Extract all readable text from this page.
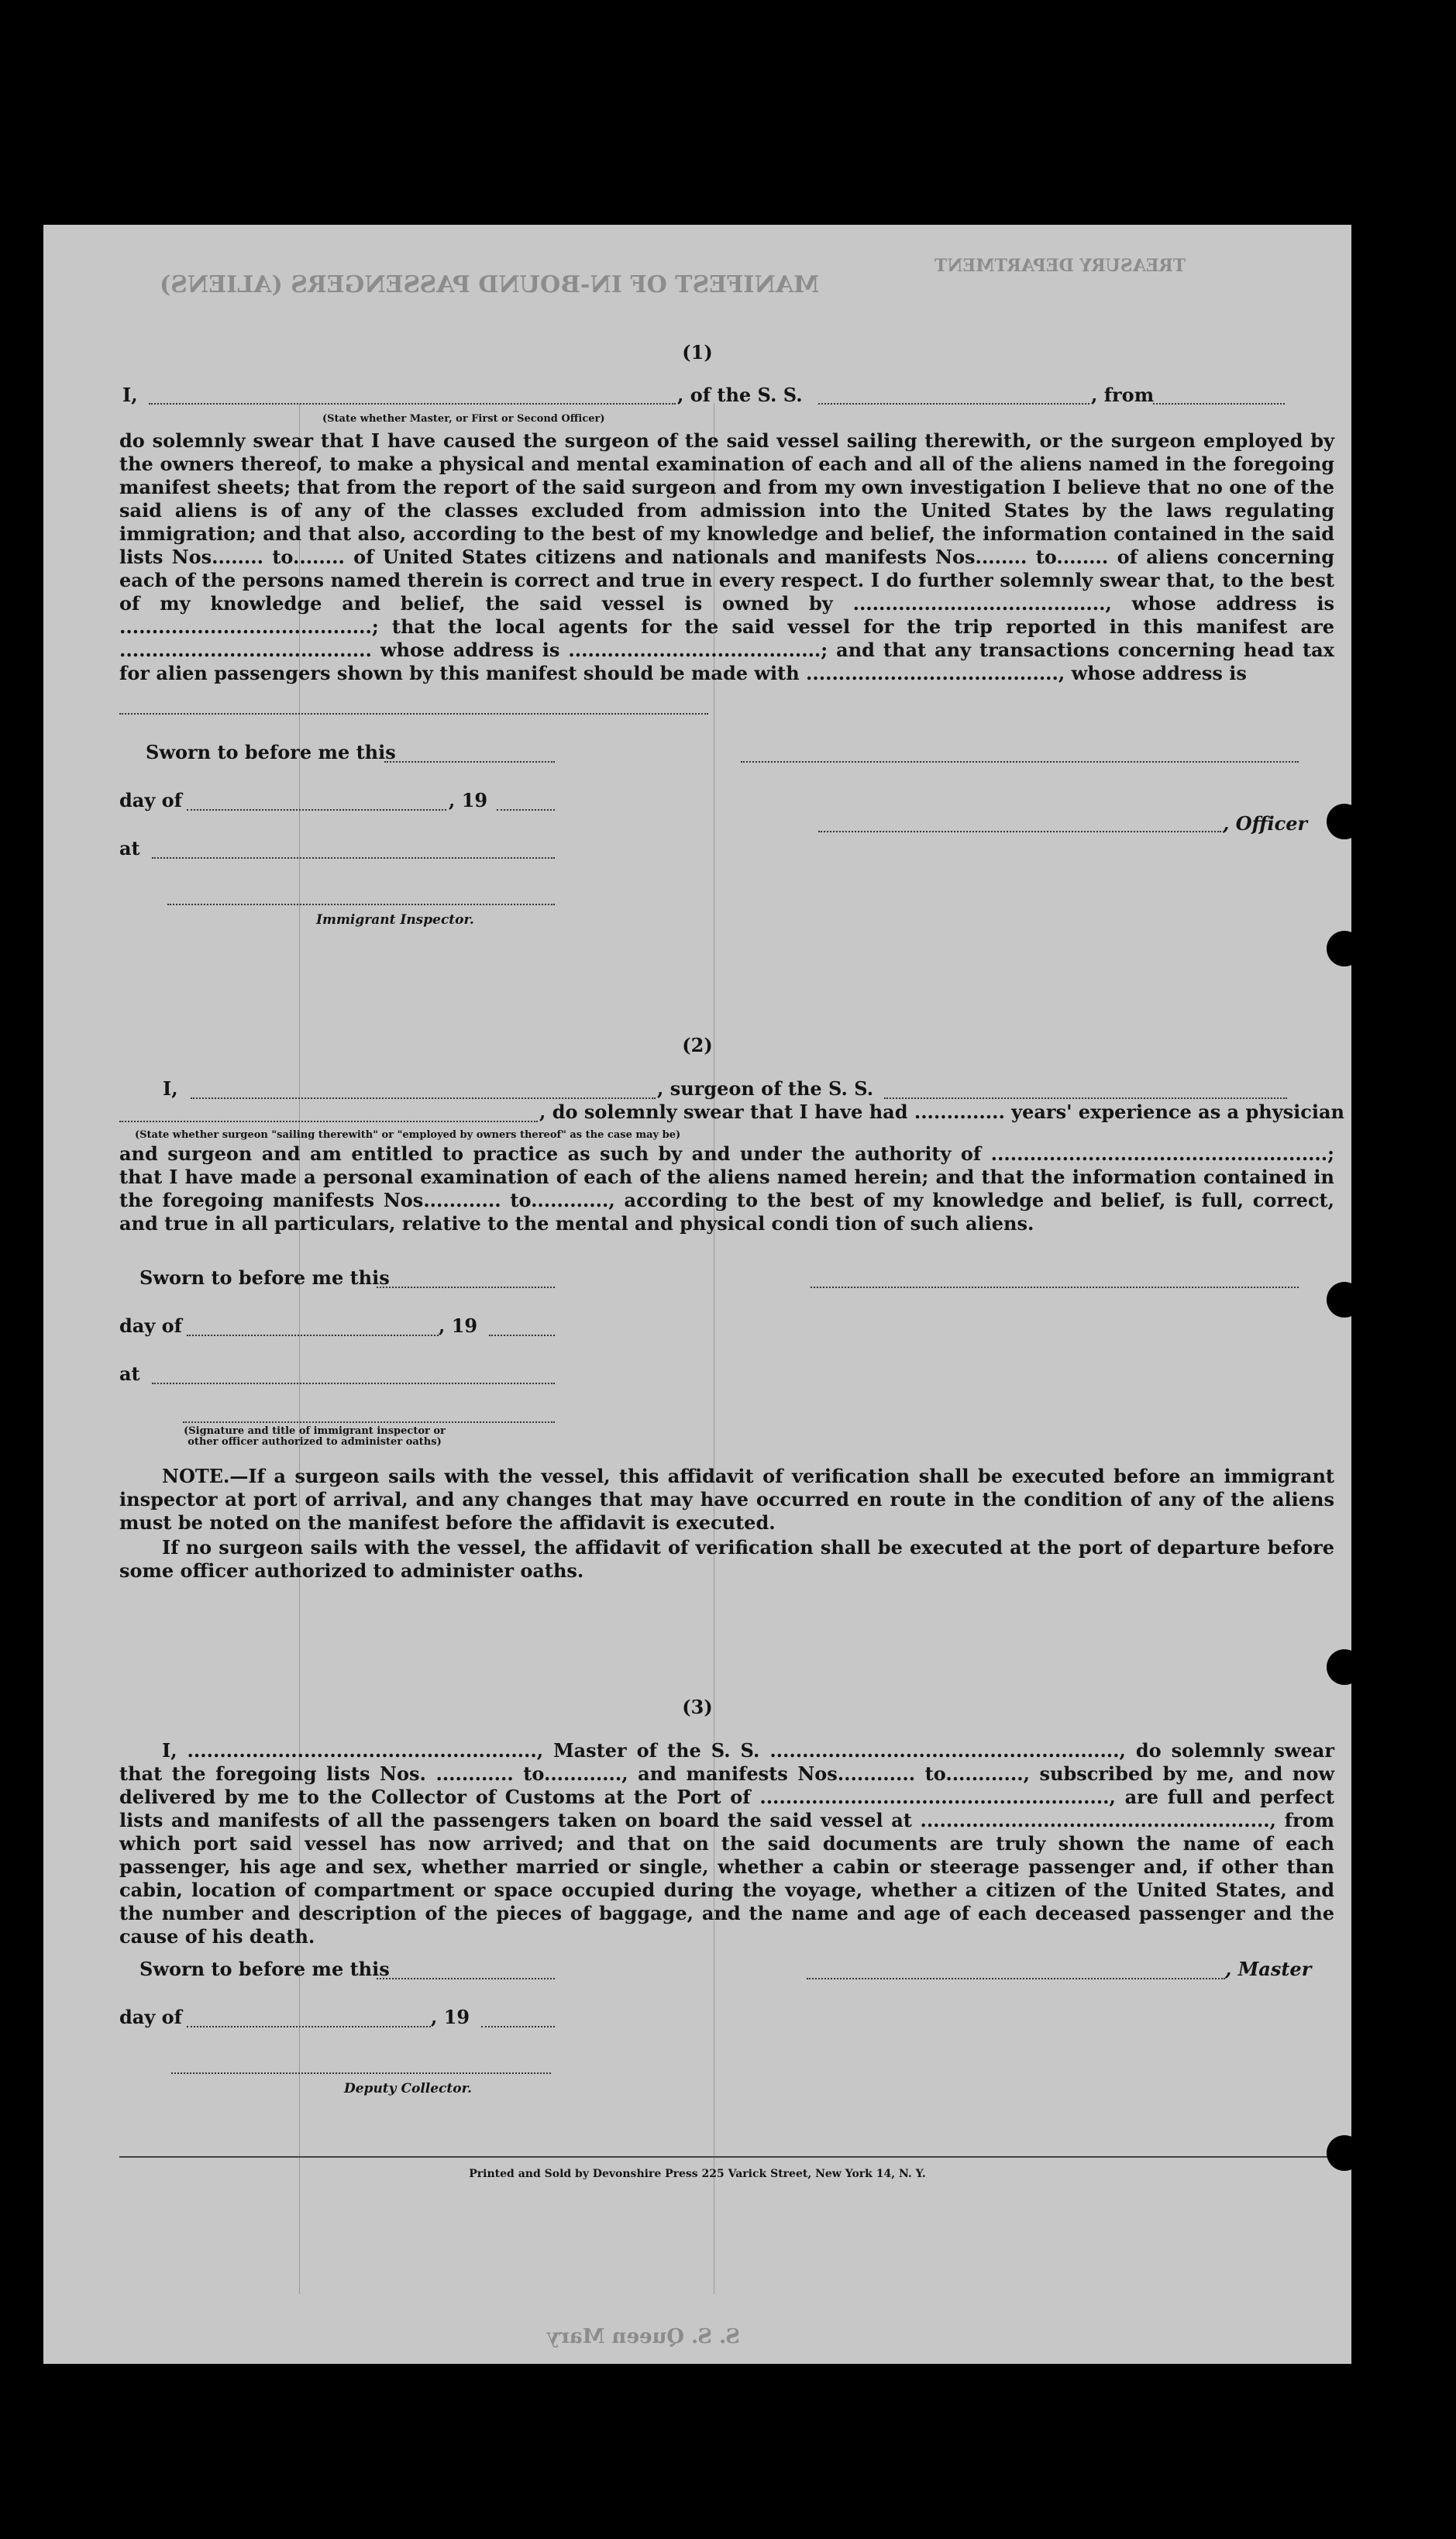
MANIFEST OF IN-BOUND PASSENGERS (ALIENS)
TREASURY DEPARTMENT
S. S. Queen Mary
(1)
I,	, of the S. S.	, from
(State whether Master, or First or Second Officer)
do solemnly swear that I have caused the surgeon of the said vessel sailing therewith, or the surgeon employed by the owners thereof, to make a physical and mental examination of each and all of the aliens named in the foregoing manifest sheets; that from the report of the said surgeon and from my own investigation I believe that no one of the said aliens is of any of the classes excluded from admission into the United States by the laws regulating immigration; and that also, according to the best of my knowledge and belief, the information contained in the said lists Nos........ to........ of United States citizens and nationals and manifests Nos........ to........ of aliens concerning each of the persons named therein is correct and true in every respect. I do further solemnly swear that, to the best of my knowledge and belief, the said vessel is owned by ......................................., whose address is .......................................; that the local agents for the said vessel for the trip reported in this manifest are ....................................... whose address is .......................................; and that any transactions concerning head tax for alien passengers shown by this manifest should be made with ......................................., whose address is
Sworn to before me this
day of	, 19
, Officer
at
Immigrant Inspector.
(2)
I,	, surgeon of the S. S.
, do solemnly swear that I have had .............. years' experience as a physician
(State whether surgeon "sailing therewith" or "employed by owners thereof" as the case may be)
and surgeon and am entitled to practice as such by and under the authority of ....................................................; that I have made a personal examination of each of the aliens named herein; and that the information contained in the foregoing manifests Nos............ to............, according to the best of my knowledge and belief, is full, correct, and true in all particulars, relative to the mental and physical condi tion of such aliens.
Sworn to before me this
day of	, 19
at
(Signature and title of immigrant inspector or other officer authorized to administer oaths)
NOTE.—If a surgeon sails with the vessel, this affidavit of verification shall be executed before an immigrant inspector at port of arrival, and any changes that may have occurred en route in the condition of any of the aliens must be noted on the manifest before the affidavit is executed.
If no surgeon sails with the vessel, the affidavit of verification shall be executed at the port of departure before some officer authorized to administer oaths.
(3)
I, ......................................................, Master of the S. S. ......................................................, do solemnly swear that the foregoing lists Nos. ............ to............, and manifests Nos............ to............, subscribed by me, and now delivered by me to the Collector of Customs at the Port of ......................................................, are full and perfect lists and manifests of all the passengers taken on board the said vessel at ......................................................, from which port said vessel has now arrived; and that on the said documents are truly shown the name of each passenger, his age and sex, whether married or single, whether a cabin or steerage passenger and, if other than cabin, location of compartment or space occupied during the voyage, whether a citizen of the United States, and the number and description of the pieces of baggage, and the name and age of each deceased passenger and the cause of his death.
Sworn to before me this	, Master
day of	, 19
Deputy Collector.
Printed and Sold by Devonshire Press 225 Varick Street, New York 14, N. Y.
